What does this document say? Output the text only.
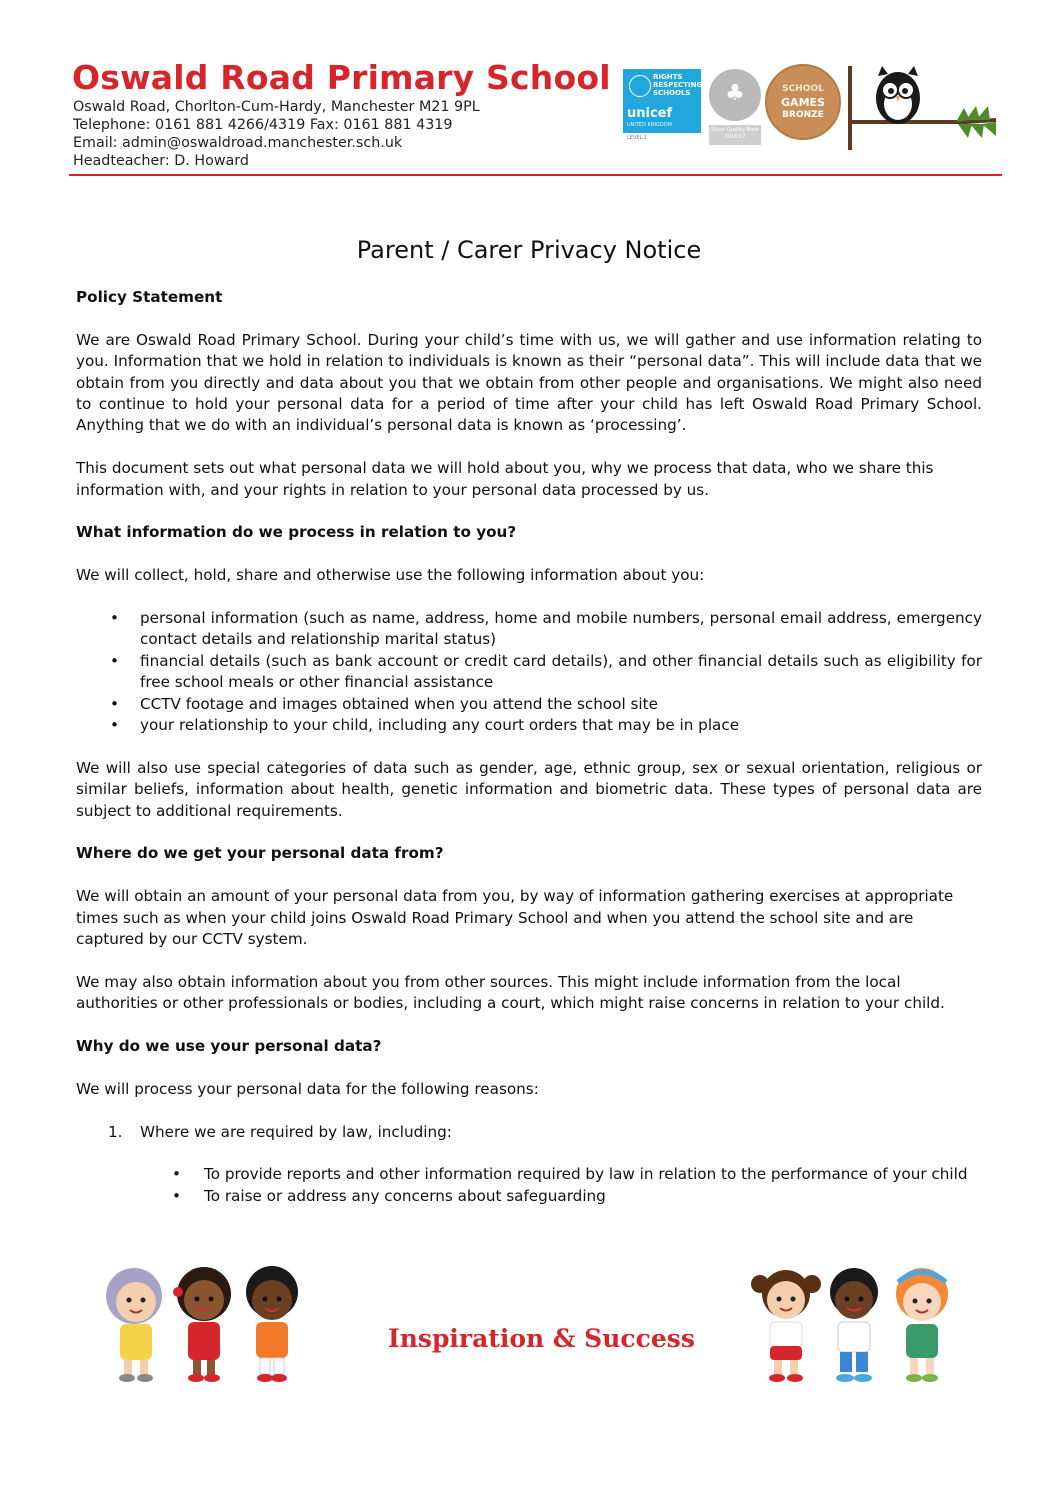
Oswald Road Primary School
Oswald Road, Chorlton-Cum-Hardy, Manchester M21 9PL
Telephone: 0161 881 4266/4319 Fax: 0161 881 4319
Email: admin@oswaldroad.manchester.sch.uk
Headteacher: D. Howard
RIGHTS RESPECTING SCHOOLS
unicef
UNITED KINGDOM
LEVEL 1
♣
Silver Quality Mark 2016/17
SCHOOL
GAMES
BRONZE
Parent / Carer Privacy Notice

Policy Statement

We are Oswald Road Primary School. During your child’s time with us, we will gather and use information relating to you. Information that we hold in relation to individuals is known as their “personal data”. This will include data that we obtain from you directly and data about you that we obtain from other people and organisations. We might also need to continue to hold your personal data for a period of time after your child has left Oswald Road Primary School. Anything that we do with an individual’s personal data is known as ‘processing’.

This document sets out what personal data we will hold about you, why we process that data, who we share this information with, and your rights in relation to your personal data processed by us.

What information do we process in relation to you?

We will collect, hold, share and otherwise use the following information about you:

• personal information (such as name, address, home and mobile numbers, personal email address, emergency contact details and relationship marital status)
• financial details (such as bank account or credit card details), and other financial details such as eligibility for free school meals or other financial assistance
• CCTV footage and images obtained when you attend the school site
• your relationship to your child, including any court orders that may be in place

We will also use special categories of data such as gender, age, ethnic group, sex or sexual orientation, religious or similar beliefs, information about health, genetic information and biometric data. These types of personal data are subject to additional requirements.

Where do we get your personal data from?

We will obtain an amount of your personal data from you, by way of information gathering exercises at appropriate times such as when your child joins Oswald Road Primary School and when you attend the school site and are captured by our CCTV system.

We may also obtain information about you from other sources. This might include information from the local authorities or other professionals or bodies, including a court, which might raise concerns in relation to your child.

Why do we use your personal data?

We will process your personal data for the following reasons:

1. Where we are required by law, including:
• To provide reports and other information required by law in relation to the performance of your child
• To raise or address any concerns about safeguarding
Inspiration & Success
